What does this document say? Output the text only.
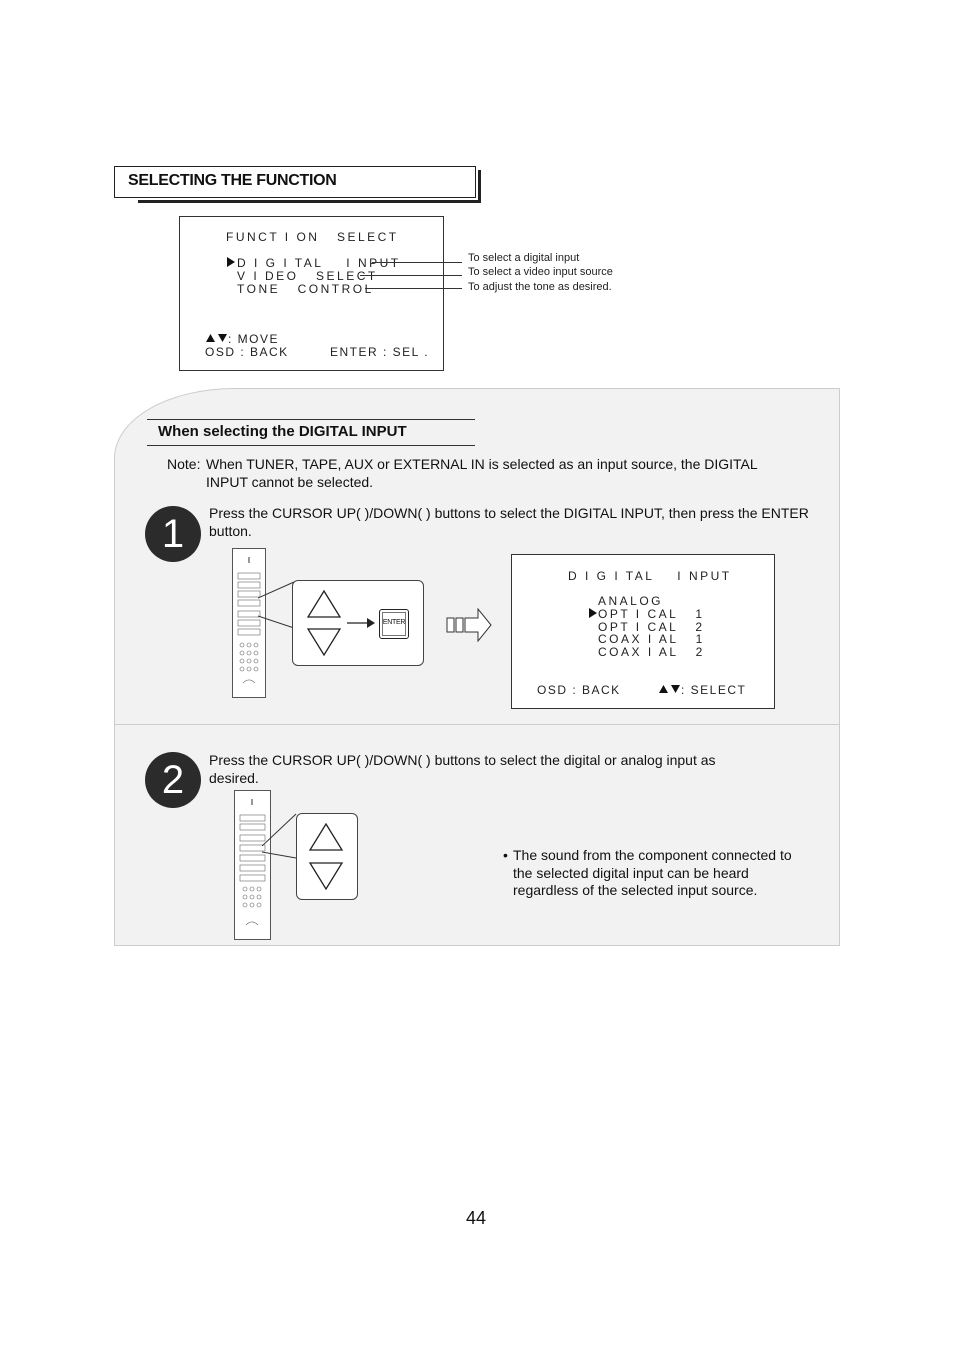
SELECTING THE FUNCTION
FUNCT I ON   SELECT
D I G I TAL    I NPUT
V I DEO   SELECT
TONE   CONTROL
: MOVE
OSD : BACK	ENTER : SEL .
To select a digital input
To select a video input source
To adjust the tone as desired.
When selecting the DIGITAL INPUT
Note: When TUNER, TAPE, AUX or EXTERNAL IN is selected as an input source, the DIGITAL INPUT cannot be selected.
1	Press the CURSOR UP( )/DOWN( ) buttons to select the DIGITAL INPUT, then press the ENTER button.
ENTER
D I G I TAL    I NPUT
ANALOG
OPT I CAL   1
OPT I CAL   2
COAX I AL   1
COAX I AL   2
OSD : BACK	: SELECT
2	Press the CURSOR UP( )/DOWN( ) buttons to select the digital or analog input as desired.
• The sound from the component connected to
the selected digital input can be heard
regardless of the selected input source.
44
